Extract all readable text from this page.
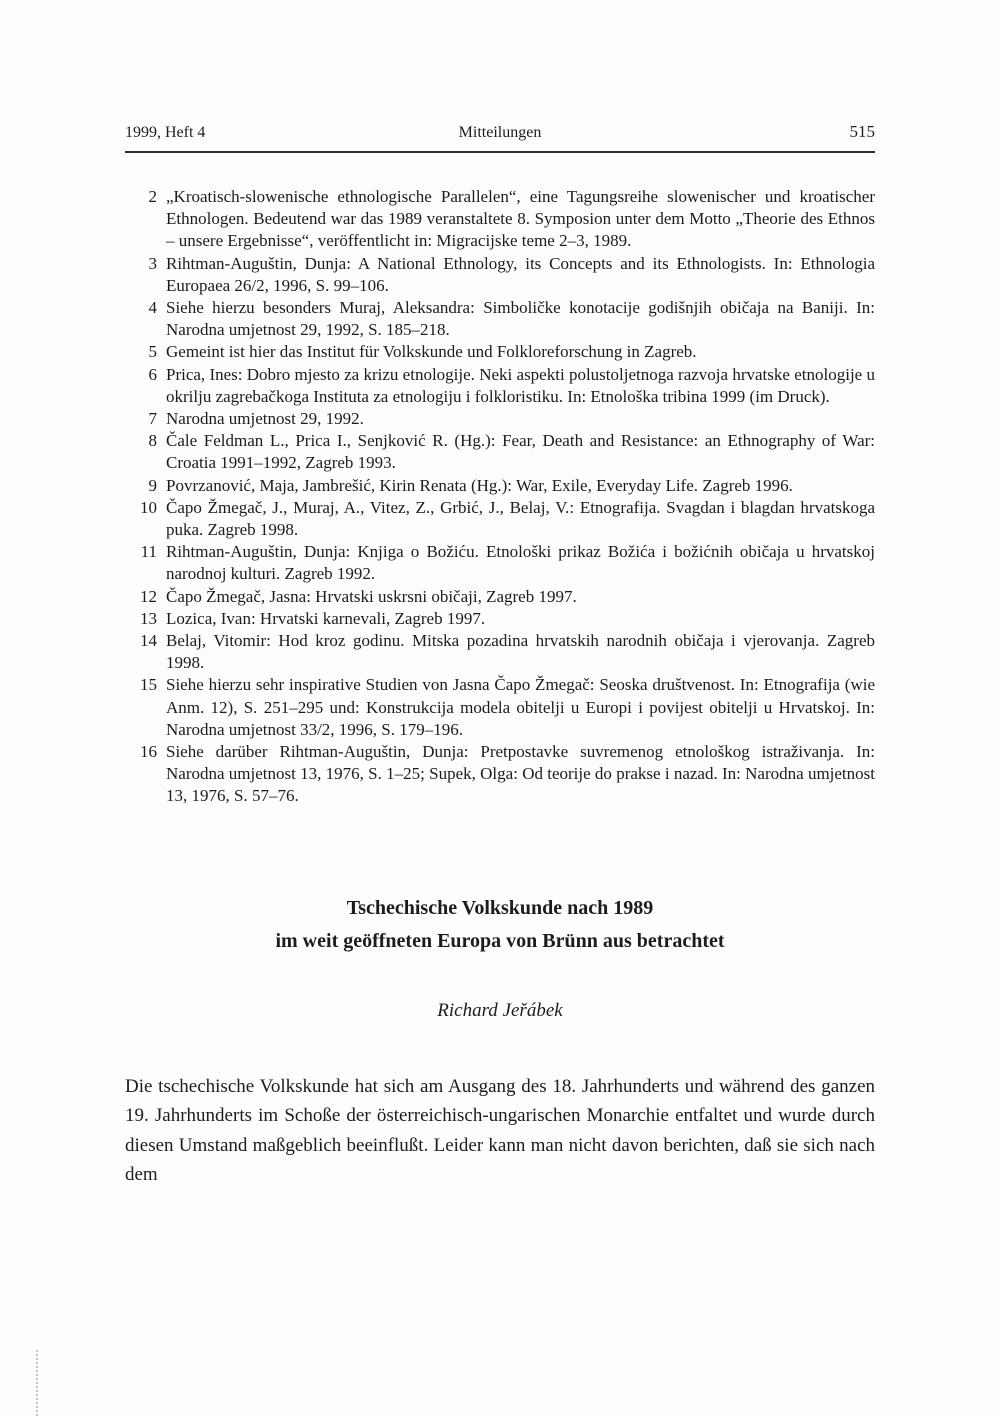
1999, Heft 4	Mitteilungen	515
2 „Kroatisch-slowenische ethnologische Parallelen“, eine Tagungsreihe slowenischer und kroatischer Ethnologen. Bedeutend war das 1989 veranstaltete 8. Symposion unter dem Motto „Theorie des Ethnos – unsere Ergebnisse“, veröffentlicht in: Migracijske teme 2–3, 1989.
3 Rihtman-Auguštin, Dunja: A National Ethnology, its Concepts and its Ethnologists. In: Ethnologia Europaea 26/2, 1996, S. 99–106.
4 Siehe hierzu besonders Muraj, Aleksandra: Simboličke konotacije godišnjih običaja na Baniji. In: Narodna umjetnost 29, 1992, S. 185–218.
5 Gemeint ist hier das Institut für Volkskunde und Folkloreforschung in Zagreb.
6 Prica, Ines: Dobro mjesto za krizu etnologije. Neki aspekti polustoljetnoga razvoja hrvatske etnologije u okrilju zagrebačkoga Instituta za etnologiju i folkloristiku. In: Etnološka tribina 1999 (im Druck).
7 Narodna umjetnost 29, 1992.
8 Čale Feldman L., Prica I., Senjković R. (Hg.): Fear, Death and Resistance: an Ethnography of War: Croatia 1991–1992, Zagreb 1993.
9 Povrzanović, Maja, Jambrešić, Kirin Renata (Hg.): War, Exile, Everyday Life. Zagreb 1996.
10 Čapo Žmegač, J., Muraj, A., Vitez, Z., Grbić, J., Belaj, V.: Etnografija. Svagdan i blagdan hrvatskoga puka. Zagreb 1998.
11 Rihtman-Auguštin, Dunja: Knjiga o Božiću. Etnološki prikaz Božića i božićnih običaja u hrvatskoj narodnoj kulturi. Zagreb 1992.
12 Čapo Žmegač, Jasna: Hrvatski uskrsni običaji, Zagreb 1997.
13 Lozica, Ivan: Hrvatski karnevali, Zagreb 1997.
14 Belaj, Vitomir: Hod kroz godinu. Mitska pozadina hrvatskih narodnih običaja i vjerovanja. Zagreb 1998.
15 Siehe hierzu sehr inspirative Studien von Jasna Čapo Žmegač: Seoska društvenost. In: Etnografija (wie Anm. 12), S. 251–295 und: Konstrukcija modela obitelji u Europi i povijest obitelji u Hrvatskoj. In: Narodna umjetnost 33/2, 1996, S. 179–196.
16 Siehe darüber Rihtman-Auguštin, Dunja: Pretpostavke suvremenog etnološkog istraživanja. In: Narodna umjetnost 13, 1976, S. 1–25; Supek, Olga: Od teorije do prakse i nazad. In: Narodna umjetnost 13, 1976, S. 57–76.
Tschechische Volkskunde nach 1989
im weit geöffneten Europa von Brünn aus betrachtet
Richard Jeřábek

Die tschechische Volkskunde hat sich am Ausgang des 18. Jahrhunderts und während des ganzen 19. Jahrhunderts im Schoße der österreichisch-ungarischen Monarchie entfaltet und wurde durch diesen Umstand maßgeblich beeinflußt. Leider kann man nicht davon berichten, daß sie sich nach dem
